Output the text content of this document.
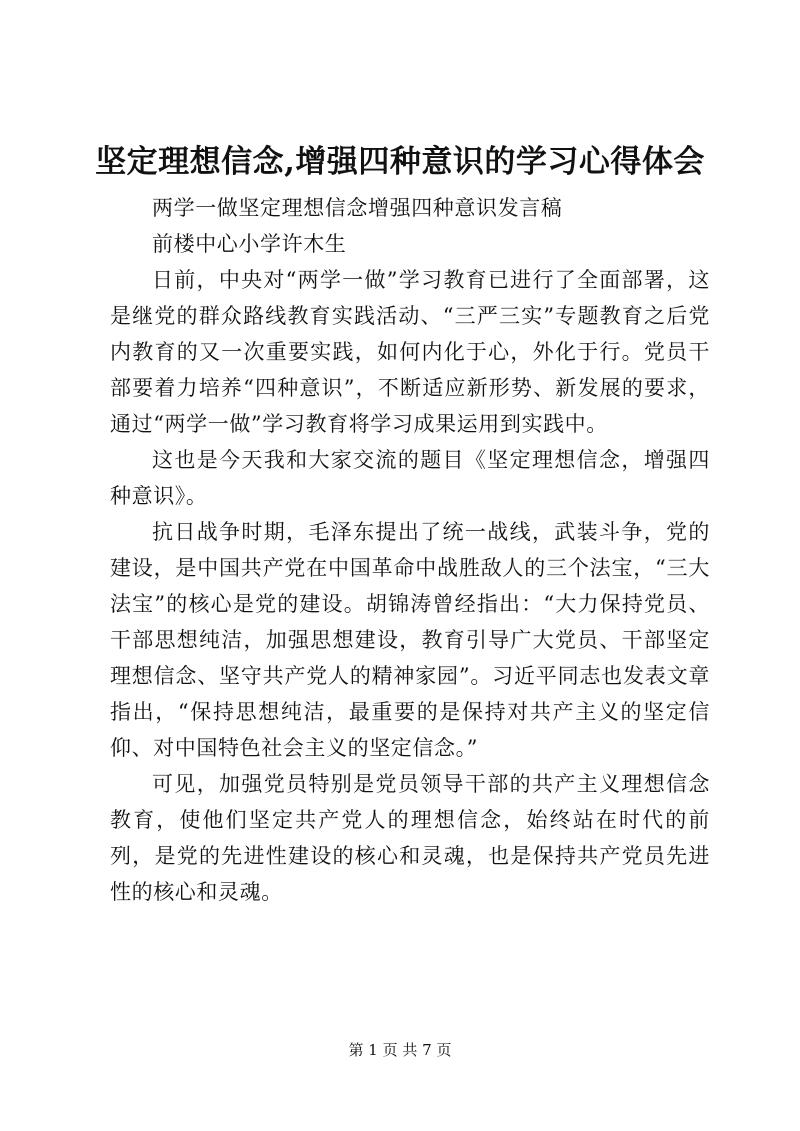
坚定理想信念,增强四种意识的学习心得体会

两学一做坚定理想信念增强四种意识发言稿

前楼中心小学许木生

日前，中央对“两学一做”学习教育已进行了全面部署，这是继党的群众路线教育实践活动、“三严三实”专题教育之后党内教育的又一次重要实践，如何内化于心，外化于行。党员干部要着力培养“四种意识”，不断适应新形势、新发展的要求，通过“两学一做”学习教育将学习成果运用到实践中。

这也是今天我和大家交流的题目《坚定理想信念，增强四种意识》。

抗日战争时期，毛泽东提出了统一战线，武装斗争，党的建设，是中国共产党在中国革命中战胜敌人的三个法宝，“三大法宝”的核心是党的建设。胡锦涛曾经指出：“大力保持党员、干部思想纯洁，加强思想建设，教育引导广大党员、干部坚定理想信念、坚守共产党人的精神家园”。习近平同志也发表文章指出，“保持思想纯洁，最重要的是保持对共产主义的坚定信仰、对中国特色社会主义的坚定信念。”

可见，加强党员特别是党员领导干部的共产主义理想信念教育，使他们坚定共产党人的理想信念，始终站在时代的前列，是党的先进性建设的核心和灵魂，也是保持共产党员先进性的核心和灵魂。

第 1 页 共 7 页
